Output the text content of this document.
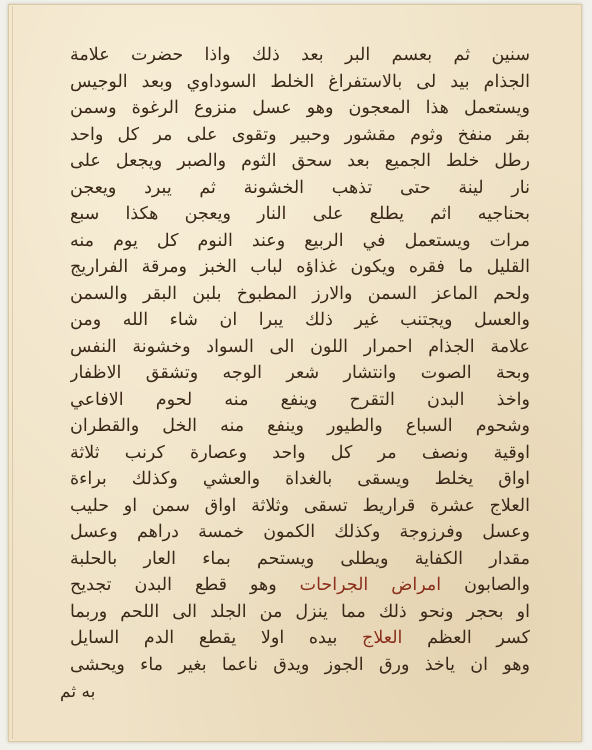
سنين ثم بعسم البر بعد ذلك واذا حضرت علامة
الجذام بيد لى بالاستفراغ الخلط السوداوي وبعد الوجيس
ويستعمل هذا المعجون وهو عسل منزوع الرغوة وسمن
بقر منفخ وثوم مقشور وحبير وتقوى على مر كل واحد
رطل خلط الجميع بعد سحق الثوم والصبر ويجعل على
نار لينة حتى تذهب الخشونة ثم يبرد ويعجن
بحناجيه اثم يطلع على النار ويعجن هكذا سبع
مرات ويستعمل في الربيع وعند النوم كل يوم منه
القليل ما فقره ويكون غذاؤه لباب الخبز ومرقة الفراريج
ولحم الماعز السمن والارز المطبوخ بلبن البقر والسمن
والعسل ويجتنب غير ذلك يبرا ان شاء الله ومن
علامة الجذام احمرار اللون الى السواد وخشونة النفس
وبحة الصوت وانتشار شعر الوجه وتشقق الاظفار
واخذ البدن التقرح وينفع منه لحوم الافاعي
وشحوم السباع والطيور وينفع منه الخل والقطران
اوقية ونصف مر كل واحد وعصارة كرنب ثلاثة
اواق يخلط ويسقى بالغداة والعشي وكذلك براءة
العلاج عشرة قراريط تسقى وثلاثة اواق سمن او حليب
وعسل وفرزوجة وكذلك الكمون خمسة دراهم وعسل
مقدار الكفاية ويطلى ويستحم بماء العار بالحلبة
والصابون امراض الجراحات وهو قطع البدن تجديح
او بحجر ونحو ذلك مما ينزل من الجلد الى اللحم وربما
كسر العظم العلاج بيده اولا يقطع الدم السايل
وهو ان ياخذ ورق الجوز ويدق ناعما بغير ماء ويحشى
به ثم
